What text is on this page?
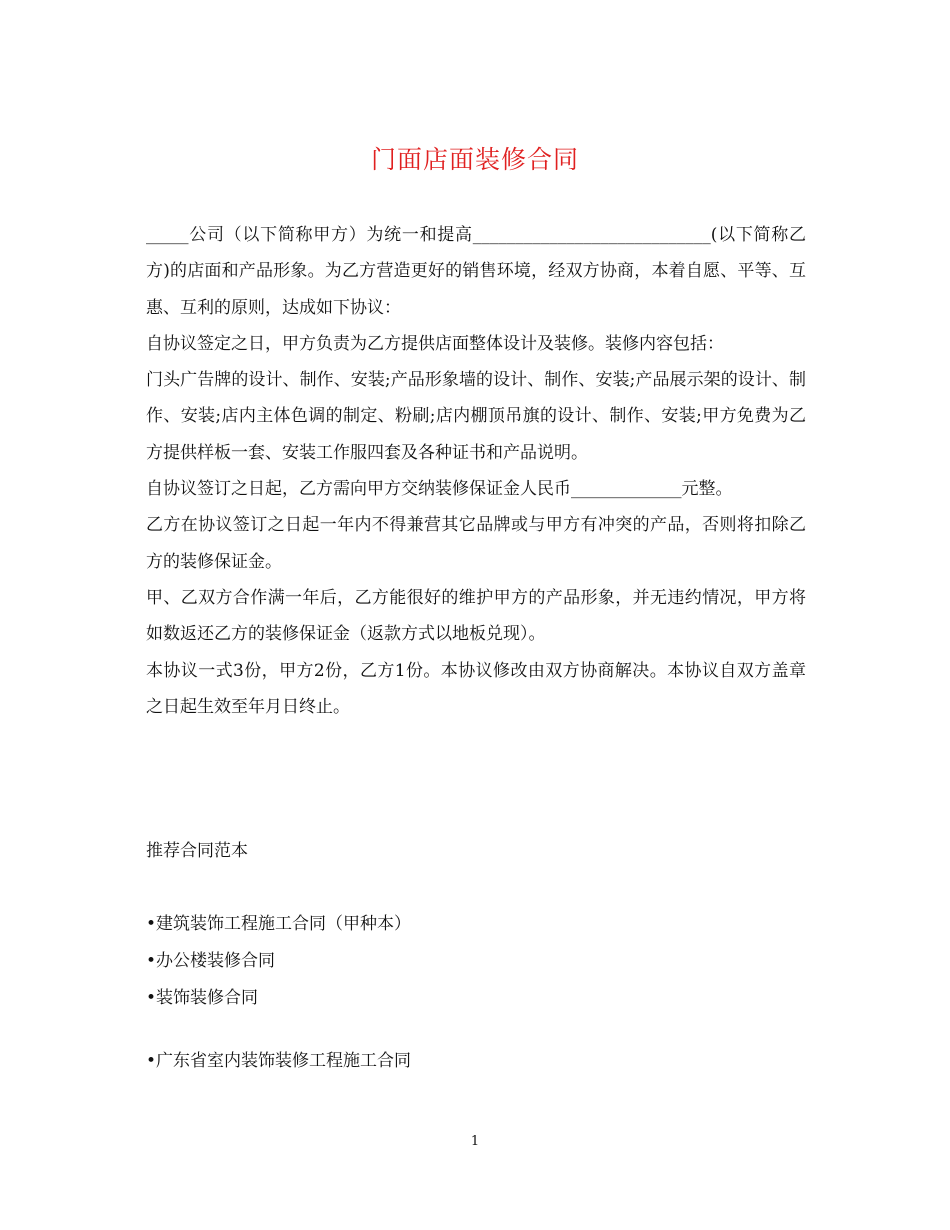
门面店面装修合同

_____公司（以下简称甲方）为统一和提高____________________________(以下简称乙方)的店面和产品形象。为乙方营造更好的销售环境，经双方协商，本着自愿、平等、互惠、互利的原则，达成如下协议：

自协议签定之日，甲方负责为乙方提供店面整体设计及装修。装修内容包括：

门头广告牌的设计、制作、安装;产品形象墙的设计、制作、安装;产品展示架的设计、制作、安装;店内主体色调的制定、粉刷;店内棚顶吊旗的设计、制作、安装;甲方免费为乙方提供样板一套、安装工作服四套及各种证书和产品说明。

自协议签订之日起，乙方需向甲方交纳装修保证金人民币_____________元整。

乙方在协议签订之日起一年内不得兼营其它品牌或与甲方有冲突的产品，否则将扣除乙方的装修保证金。

甲、乙双方合作满一年后，乙方能很好的维护甲方的产品形象，并无违约情况，甲方将如数返还乙方的装修保证金（返款方式以地板兑现）。

本协议一式3份，甲方2份，乙方1份。本协议修改由双方协商解决。本协议自双方盖章之日起生效至年月日终止。

推荐合同范本
•建筑装饰工程施工合同（甲种本）
•办公楼装修合同
•装饰装修合同
•广东省室内装饰装修工程施工合同
1
